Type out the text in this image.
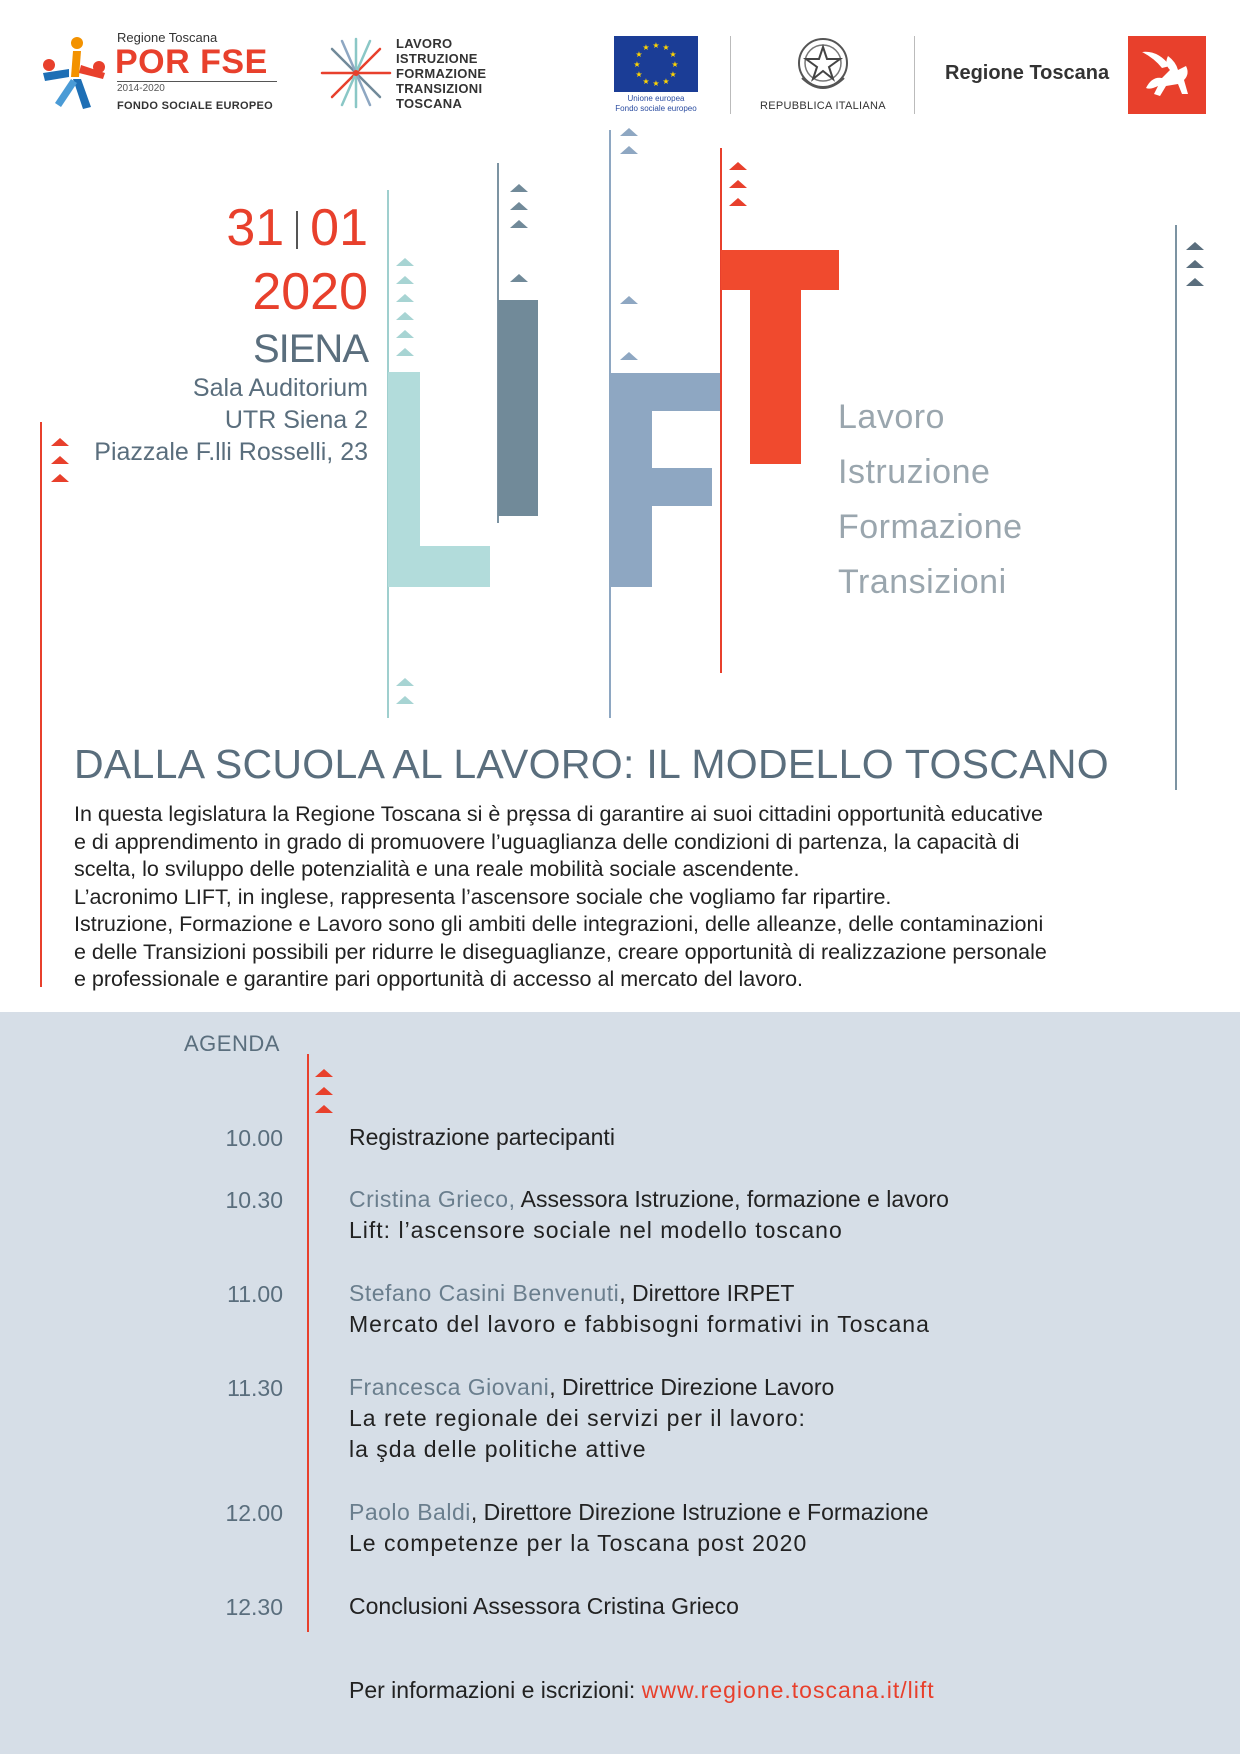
Regione Toscana
POR FSE
2014-2020
FONDO SOCIALE EUROPEO
LAVORO
ISTRUZIONE
FORMAZIONE
TRANSIZIONI
TOSCANA
★ ★
★
★
★
★
★
★
★
★
★
★
Unione europea
Fondo sociale europeo	REPUBBLICA ITALIANA
Regione Toscana
31 01
2020
SIENA
Sala Auditorium
UTR Siena 2
Piazzale F.lli Rosselli, 23
Lavoro
Istruzione
Formazione
Transizioni
DALLA SCUOLA AL LAVORO: IL MODELLO TOSCANO
In questa legislatura la Regione Toscana si è prȩssa di garantire ai suoi cittadini opportunità educative
e di apprendimento in grado di promuovere l’uguaglianza delle condizioni di partenza, la capacità di
scelta, lo sviluppo delle potenzialità e una reale mobilità sociale ascendente.
L’acronimo LIFT, in inglese, rappresenta l’ascensore sociale che vogliamo far ripartire.
Istruzione, Formazione e Lavoro sono gli ambiti delle integrazioni, delle alleanze, delle contaminazioni
e delle Transizioni possibili per ridurre le diseguaglianze, creare opportunità di realizzazione personale
e professionale e garantire pari opportunità di accesso al mercato del lavoro.
AGENDA
10.00	Registrazione partecipanti
10.30	Cristina Grieco, Assessora Istruzione, formazione e lavoro
Lift: l’ascensore sociale nel modello toscano
11.00	Stefano Casini Benvenuti, Direttore IRPET
Mercato del lavoro e fabbisogni formativi in Toscana
11.30	Francesca Giovani, Direttrice Direzione Lavoro
La rete regionale dei servizi per il lavoro:
la şda delle politiche attive
12.00	Paolo Baldi, Direttore Direzione Istruzione e Formazione
Le competenze per la Toscana post 2020
12.30	Conclusioni Assessora Cristina Grieco
Per informazioni e iscrizioni: www.regione.toscana.it/lift
